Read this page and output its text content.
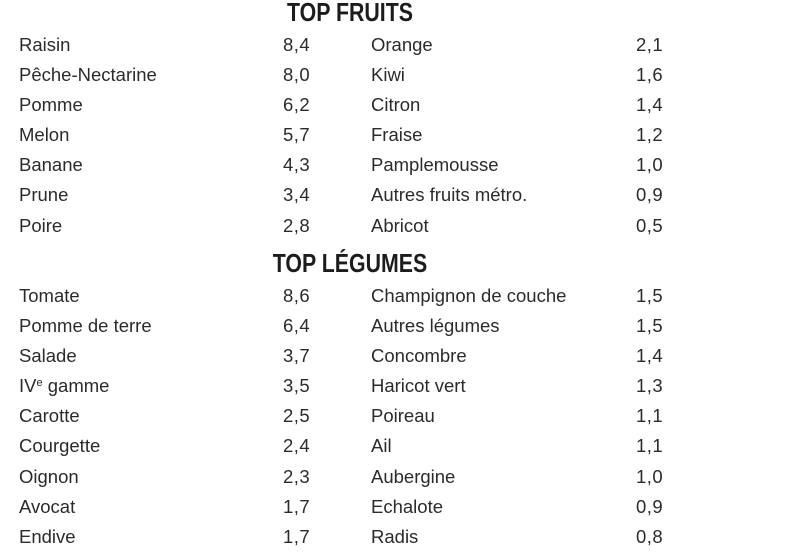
TOP FRUITS
Raisin	8,4	Orange	2,1
Pêche-Nectarine	8,0	Kiwi	1,6
Pomme	6,2	Citron	1,4
Melon	5,7	Fraise	1,2
Banane	4,3	Pamplemousse	1,0
Prune	3,4	Autres fruits métro.	0,9
Poire	2,8	Abricot	0,5
TOP LÉGUMES
Tomate	8,6	Champignon de couche	1,5
Pomme de terre	6,4	Autres légumes	1,5
Salade	3,7	Concombre	1,4
IVe gamme	3,5	Haricot vert	1,3
Carotte	2,5	Poireau	1,1
Courgette	2,4	Ail	1,1
Oignon	2,3	Aubergine	1,0
Avocat	1,7	Echalote	0,9
Endive	1,7	Radis	0,8
